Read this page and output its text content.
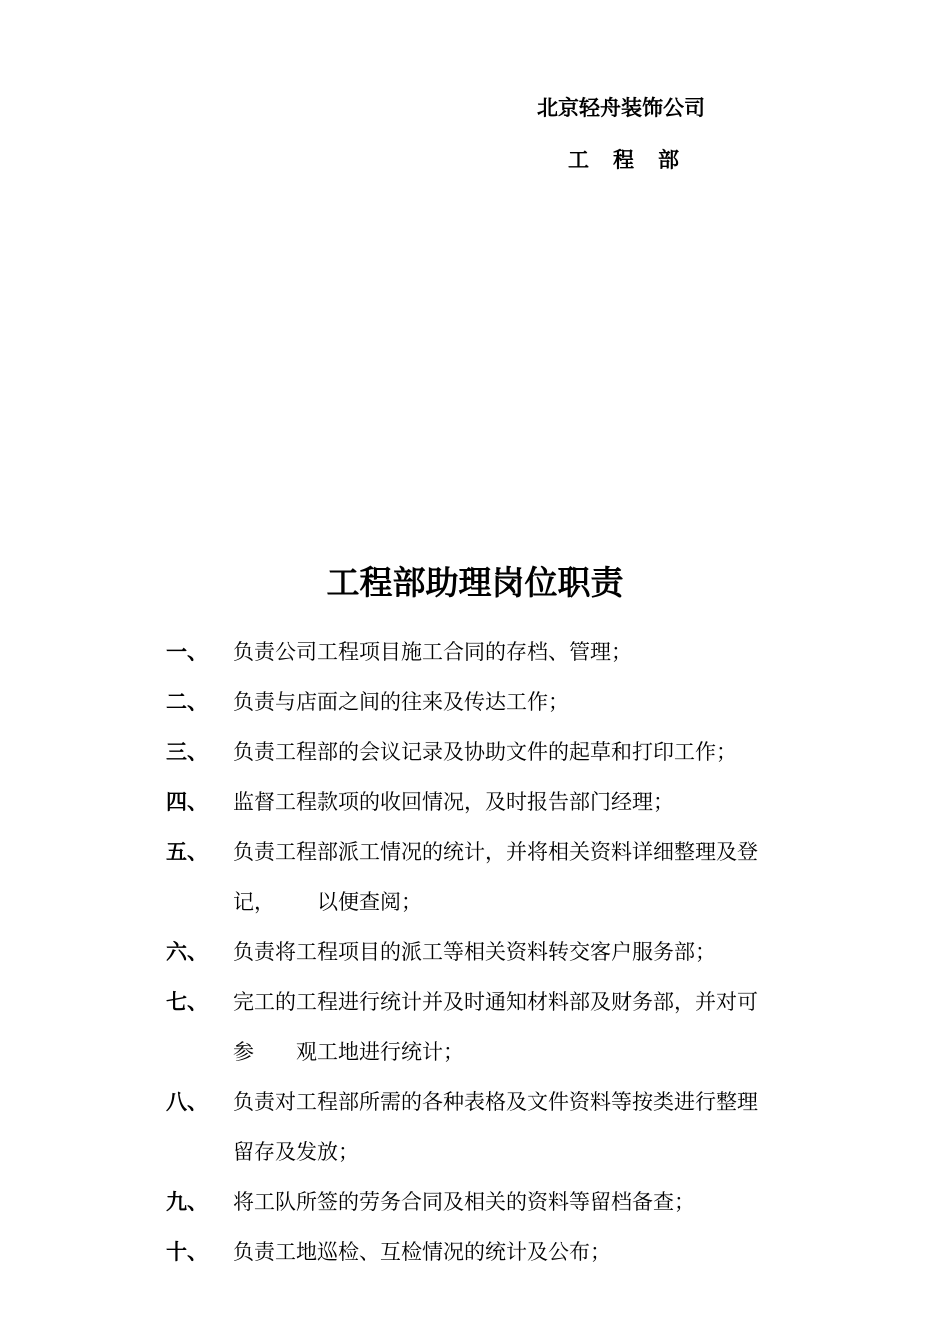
北京轻舟装饰公司
工程部
工程部助理岗位职责
一、 负责公司工程项目施工合同的存档、管理；
二、 负责与店面之间的往来及传达工作；
三、 负责工程部的会议记录及协助文件的起草和打印工作；
四、 监督工程款项的收回情况，及时报告部门经理；
五、 负责工程部派工情况的统计，并将相关资料详细整理及登
记， 以便查阅；
六、 负责将工程项目的派工等相关资料转交客户服务部；
七、 完工的工程进行统计并及时通知材料部及财务部，并对可
参 观工地进行统计；
八、 负责对工程部所需的各种表格及文件资料等按类进行整理
留存及发放；
九、 将工队所签的劳务合同及相关的资料等留档备查；
十、 负责工地巡检、互检情况的统计及公布；
